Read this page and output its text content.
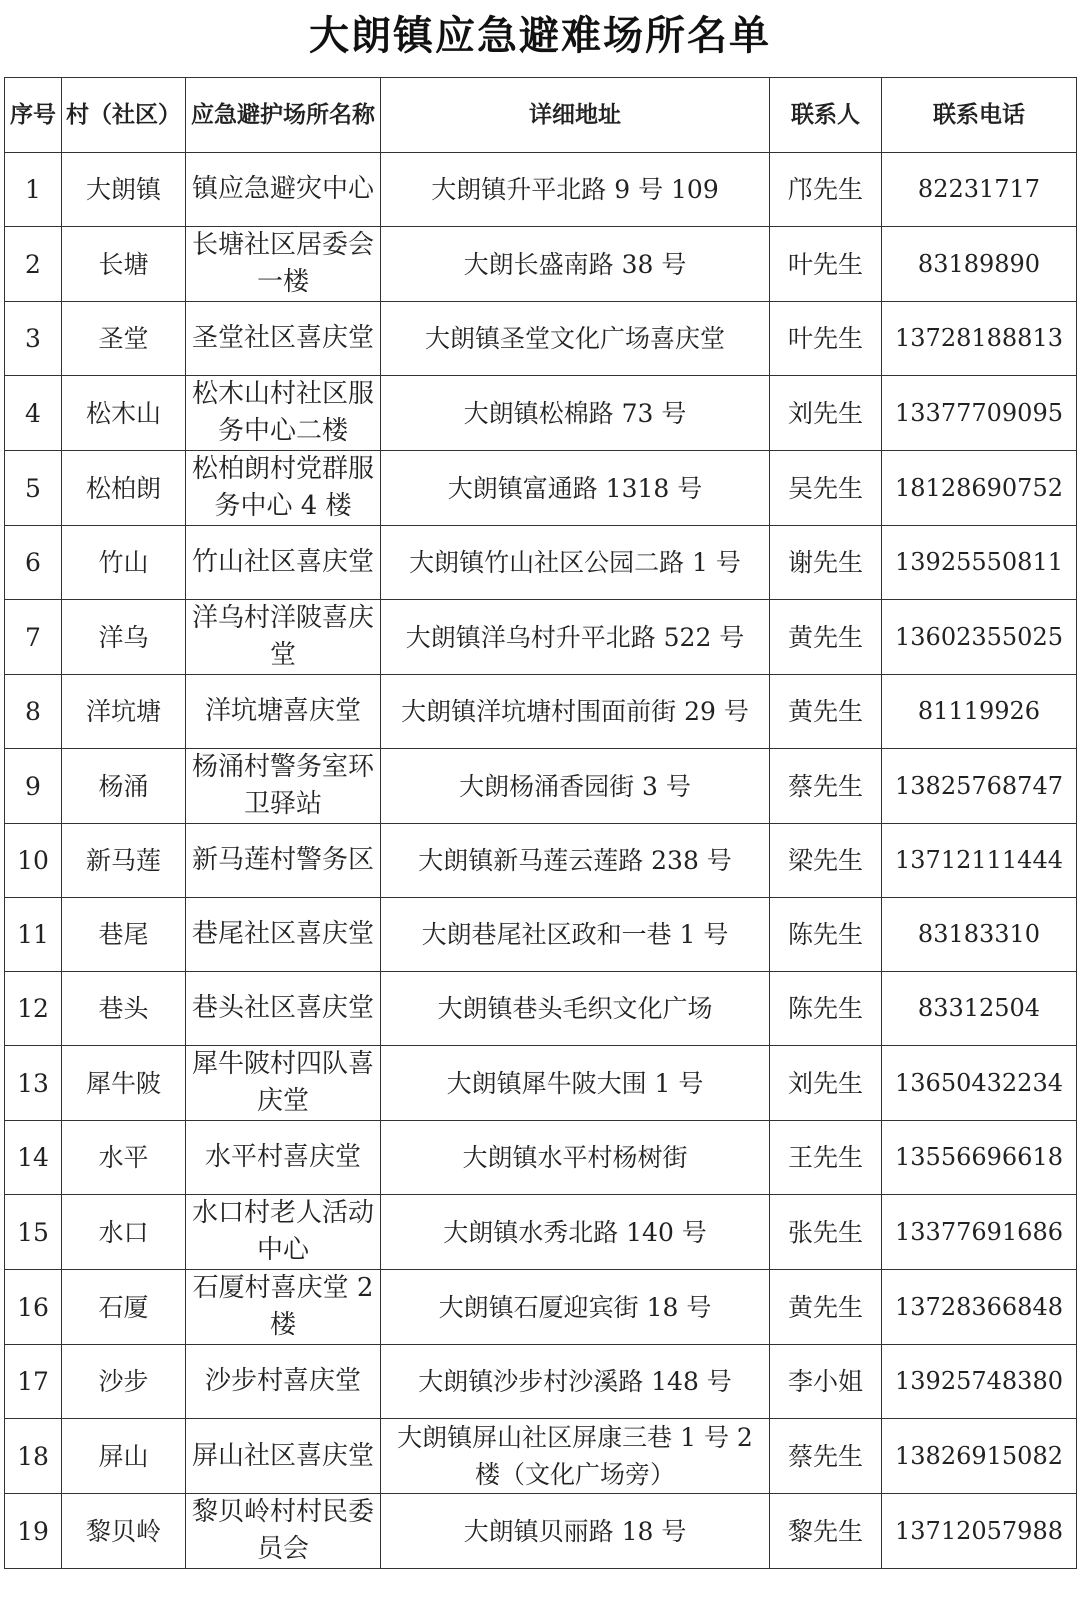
大朗镇应急避难场所名单
序号	村（社区）	应急避护场所名称	详细地址	联系人	联系电话
1	大朗镇	镇应急避灾中心	大朗镇升平北路 9 号 109	邝先生	82231717
2	长塘	长塘社区居委会一楼	大朗长盛南路 38 号	叶先生	83189890
3	圣堂	圣堂社区喜庆堂	大朗镇圣堂文化广场喜庆堂	叶先生	13728188813
4	松木山	松木山村社区服务中心二楼	大朗镇松棉路 73 号	刘先生	13377709095
5	松柏朗	松柏朗村党群服务中心 4 楼	大朗镇富通路 1318 号	吴先生	18128690752
6	竹山	竹山社区喜庆堂	大朗镇竹山社区公园二路 1 号	谢先生	13925550811
7	洋乌	洋乌村洋陂喜庆堂	大朗镇洋乌村升平北路 522 号	黄先生	13602355025
8	洋坑塘	洋坑塘喜庆堂	大朗镇洋坑塘村围面前街 29 号	黄先生	81119926
9	杨涌	杨涌村警务室环卫驿站	大朗杨涌香园街 3 号	蔡先生	13825768747
10	新马莲	新马莲村警务区	大朗镇新马莲云莲路 238 号	梁先生	13712111444
11	巷尾	巷尾社区喜庆堂	大朗巷尾社区政和一巷 1 号	陈先生	83183310
12	巷头	巷头社区喜庆堂	大朗镇巷头毛织文化广场	陈先生	83312504
13	犀牛陂	犀牛陂村四队喜庆堂	大朗镇犀牛陂大围 1 号	刘先生	13650432234
14	水平	水平村喜庆堂	大朗镇水平村杨树街	王先生	13556696618
15	水口	水口村老人活动中心	大朗镇水秀北路 140 号	张先生	13377691686
16	石厦	石厦村喜庆堂 2 楼	大朗镇石厦迎宾街 18 号	黄先生	13728366848
17	沙步	沙步村喜庆堂	大朗镇沙步村沙溪路 148 号	李小姐	13925748380
18	屏山	屏山社区喜庆堂	大朗镇屏山社区屏康三巷 1 号 2 楼（文化广场旁）	蔡先生	13826915082
19	黎贝岭	黎贝岭村村民委员会	大朗镇贝丽路 18 号	黎先生	13712057988
